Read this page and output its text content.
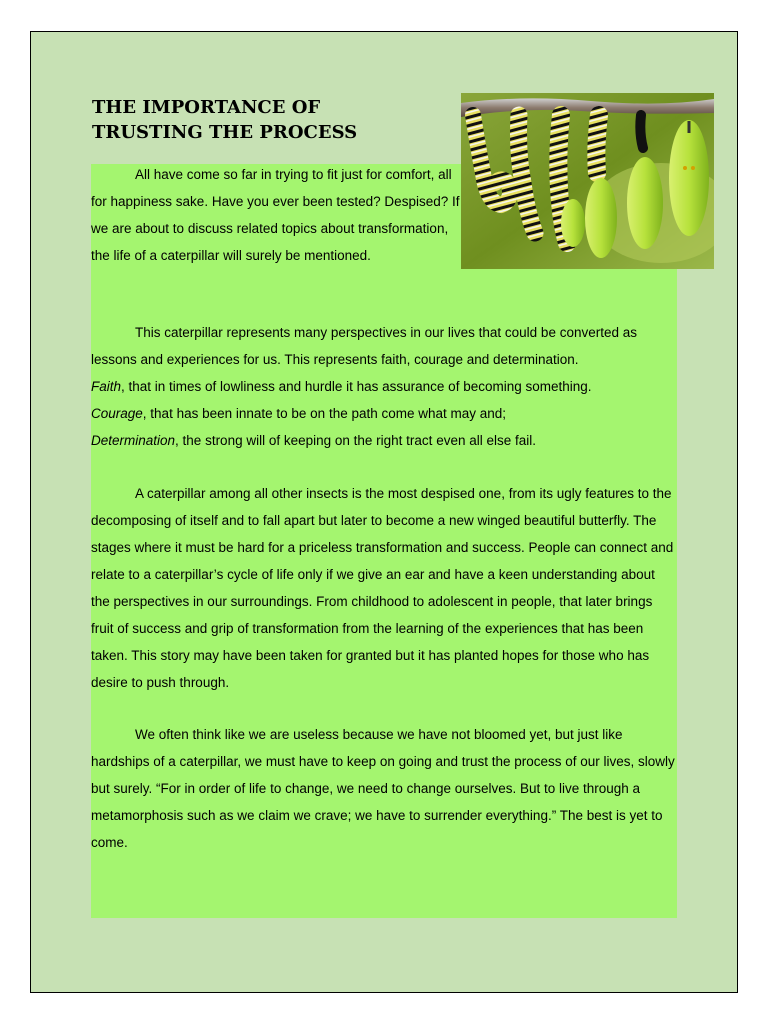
THE IMPORTANCE OF
TRUSTING THE PROCESS
All have come so far in trying to fit just for comfort, all for happiness sake. Have you ever been tested? Despised? If we are about to discuss related topics about transformation, the life of a caterpillar will surely be mentioned.
This caterpillar represents many perspectives in our lives that could be converted as lessons and experiences for us. This represents faith, courage and determination.
Faith, that in times of lowliness and hurdle it has assurance of becoming something.
Courage, that has been innate to be on the path come what may and;
Determination, the strong will of keeping on the right tract even all else fail.
A caterpillar among all other insects is the most despised one, from its ugly features to the decomposing of itself and to fall apart but later to become a new winged beautiful butterfly. The stages where it must be hard for a priceless transformation and success. People can connect and relate to a caterpillar’s cycle of life only if we give an ear and have a keen understanding about the perspectives in our surroundings. From childhood to adolescent in people, that later brings fruit of success and grip of transformation from the learning of the experiences that has been taken. This story may have been taken for granted but it has planted hopes for those who has desire to push through.
We often think like we are useless because we have not bloomed yet, but just like hardships of a caterpillar, we must have to keep on going and trust the process of our lives, slowly but surely. “For in order of life to change, we need to change ourselves. But to live through a metamorphosis such as we claim we crave; we have to surrender everything.” The best is yet to come.
